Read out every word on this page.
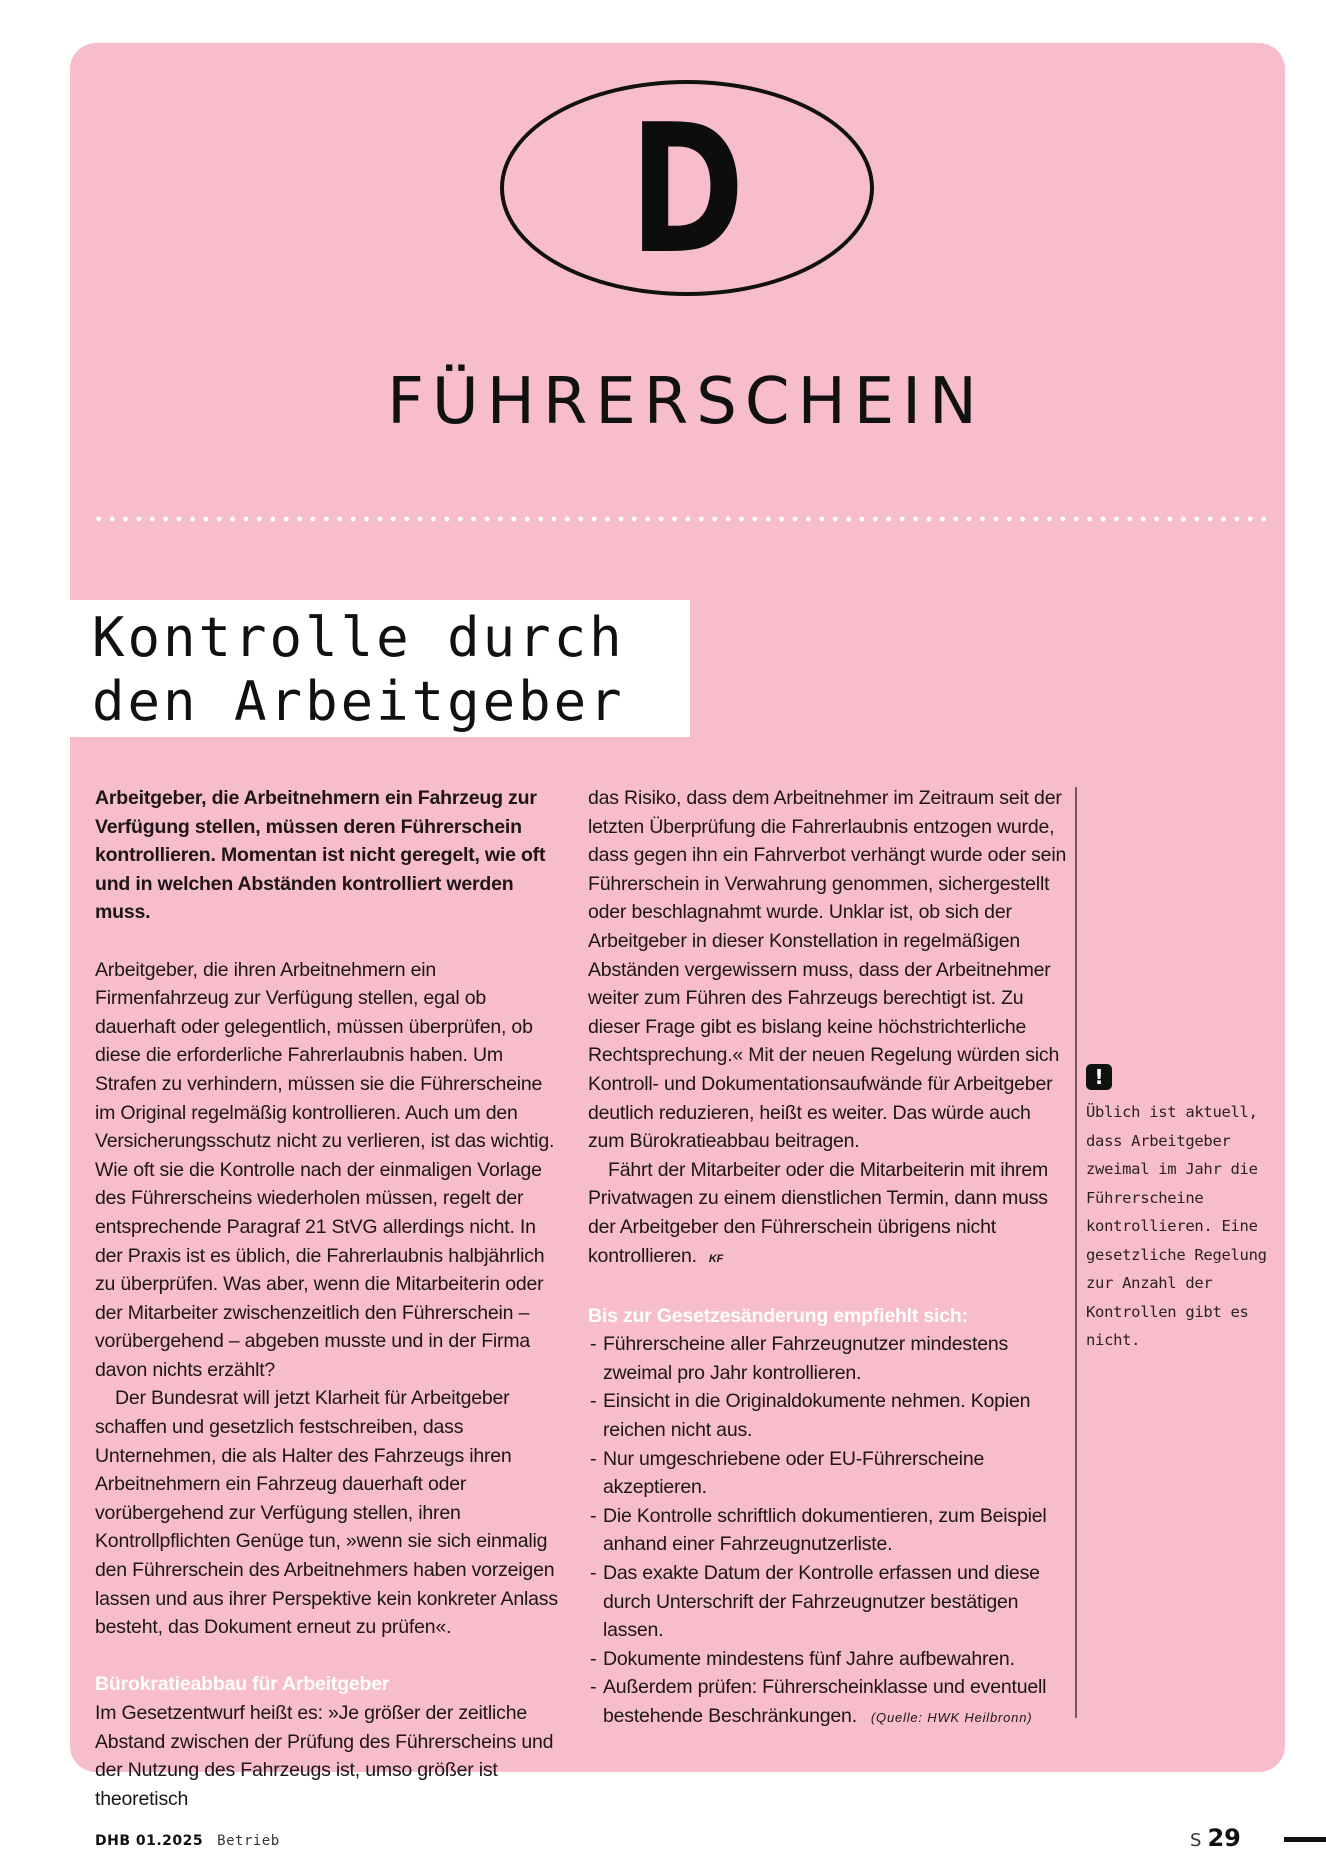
D
FÜHRERSCHEIN
Kontrolle durch
den Arbeitgeber

Arbeitgeber, die Arbeitnehmern ein Fahrzeug zur Verfügung stellen, müssen deren Führerschein kontrollieren. Momentan ist nicht geregelt, wie oft und in welchen Abständen kontrolliert werden muss.

Arbeitgeber, die ihren Arbeitnehmern ein Firmenfahrzeug zur Verfügung stellen, egal ob dauerhaft oder gelegentlich, müssen überprüfen, ob diese die erforderliche Fahrerlaubnis haben. Um Strafen zu verhindern, müssen sie die Führerscheine im Original regelmäßig kontrollieren. Auch um den Versicherungsschutz nicht zu verlieren, ist das wichtig. Wie oft sie die Kontrolle nach der einmaligen Vorlage des Führerscheins wiederholen müssen, regelt der entsprechende Paragraf 21 StVG allerdings nicht. In der Praxis ist es üblich, die Fahrerlaubnis halbjährlich zu überprüfen. Was aber, wenn die Mitarbeiterin oder der Mitarbeiter zwischenzeitlich den Führerschein – vorübergehend – abgeben musste und in der Firma davon nichts erzählt?

Der Bundesrat will jetzt Klarheit für Arbeitgeber schaffen und gesetzlich festschreiben, dass Unternehmen, die als Halter des Fahrzeugs ihren Arbeitnehmern ein Fahrzeug dauerhaft oder vorübergehend zur Verfügung stellen, ihren Kontrollpflichten Genüge tun, »wenn sie sich einmalig den Führerschein des Arbeitnehmers haben vorzeigen lassen und aus ihrer Perspektive kein konkreter Anlass besteht, das Dokument erneut zu prüfen«.

Bürokratieabbau für Arbeitgeber

Im Gesetzentwurf heißt es: »Je größer der zeitliche Abstand zwischen der Prüfung des Führerscheins und der Nutzung des Fahrzeugs ist, umso größer ist theoretisch

das Risiko, dass dem Arbeitnehmer im Zeitraum seit der letzten Überprüfung die Fahrerlaubnis entzogen wurde, dass gegen ihn ein Fahrverbot verhängt wurde oder sein Führerschein in Verwahrung genommen, sichergestellt oder beschlagnahmt wurde. Unklar ist, ob sich der Arbeitgeber in dieser Konstellation in regelmäßigen Abständen vergewissern muss, dass der Arbeitnehmer weiter zum Führen des Fahrzeugs berechtigt ist. Zu dieser Frage gibt es bislang keine höchstrichterliche Rechtsprechung.« Mit der neuen Regelung würden sich Kontroll- und Dokumentationsaufwände für Arbeitgeber deutlich reduzieren, heißt es weiter. Das würde auch zum Bürokratieabbau beitragen.

Fährt der Mitarbeiter oder die Mitarbeiterin mit ihrem Privatwagen zu einem dienstlichen Termin, dann muss der Arbeitgeber den Führerschein übrigens nicht kontrollieren. KF

Bis zur Gesetzesänderung empfiehlt sich:

- Führerscheine aller Fahrzeugnutzer mindestens zweimal pro Jahr kontrollieren.
- Einsicht in die Originaldokumente nehmen. Kopien reichen nicht aus.
- Nur umgeschriebene oder EU-Führerscheine akzeptieren.
- Die Kontrolle schriftlich dokumentieren, zum Beispiel anhand einer Fahrzeugnutzerliste.
- Das exakte Datum der Kontrolle erfassen und diese durch Unterschrift der Fahrzeugnutzer bestätigen lassen.
- Dokumente mindestens fünf Jahre aufbewahren.
- Außerdem prüfen: Führerscheinklasse und eventuell bestehende Beschränkungen. (Quelle: HWK Heilbronn)
!

Üblich ist aktuell, dass Arbeitgeber zweimal im Jahr die Führerscheine kontrollieren. Eine gesetzliche Regelung zur Anzahl der Kontrollen gibt es nicht.

DHB 01.2025 Betrieb	S 29
